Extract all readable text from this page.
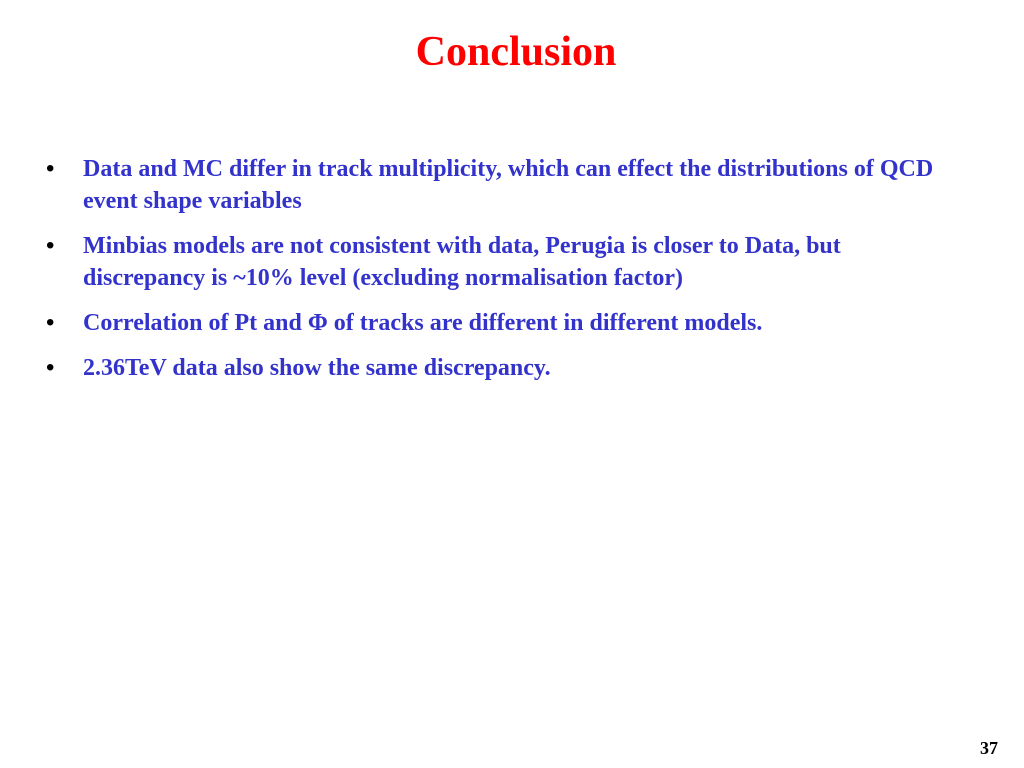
Conclusion
•	Data and MC differ in track multiplicity, which can effect the distributions of QCD event shape variables
•	Minbias models are not consistent with data, Perugia is closer to Data, but discrepancy is ~10% level (excluding normalisation factor)
•	Correlation of Pt and Φ of tracks are different in different models.
•	2.36TeV data also show the same discrepancy.
37
